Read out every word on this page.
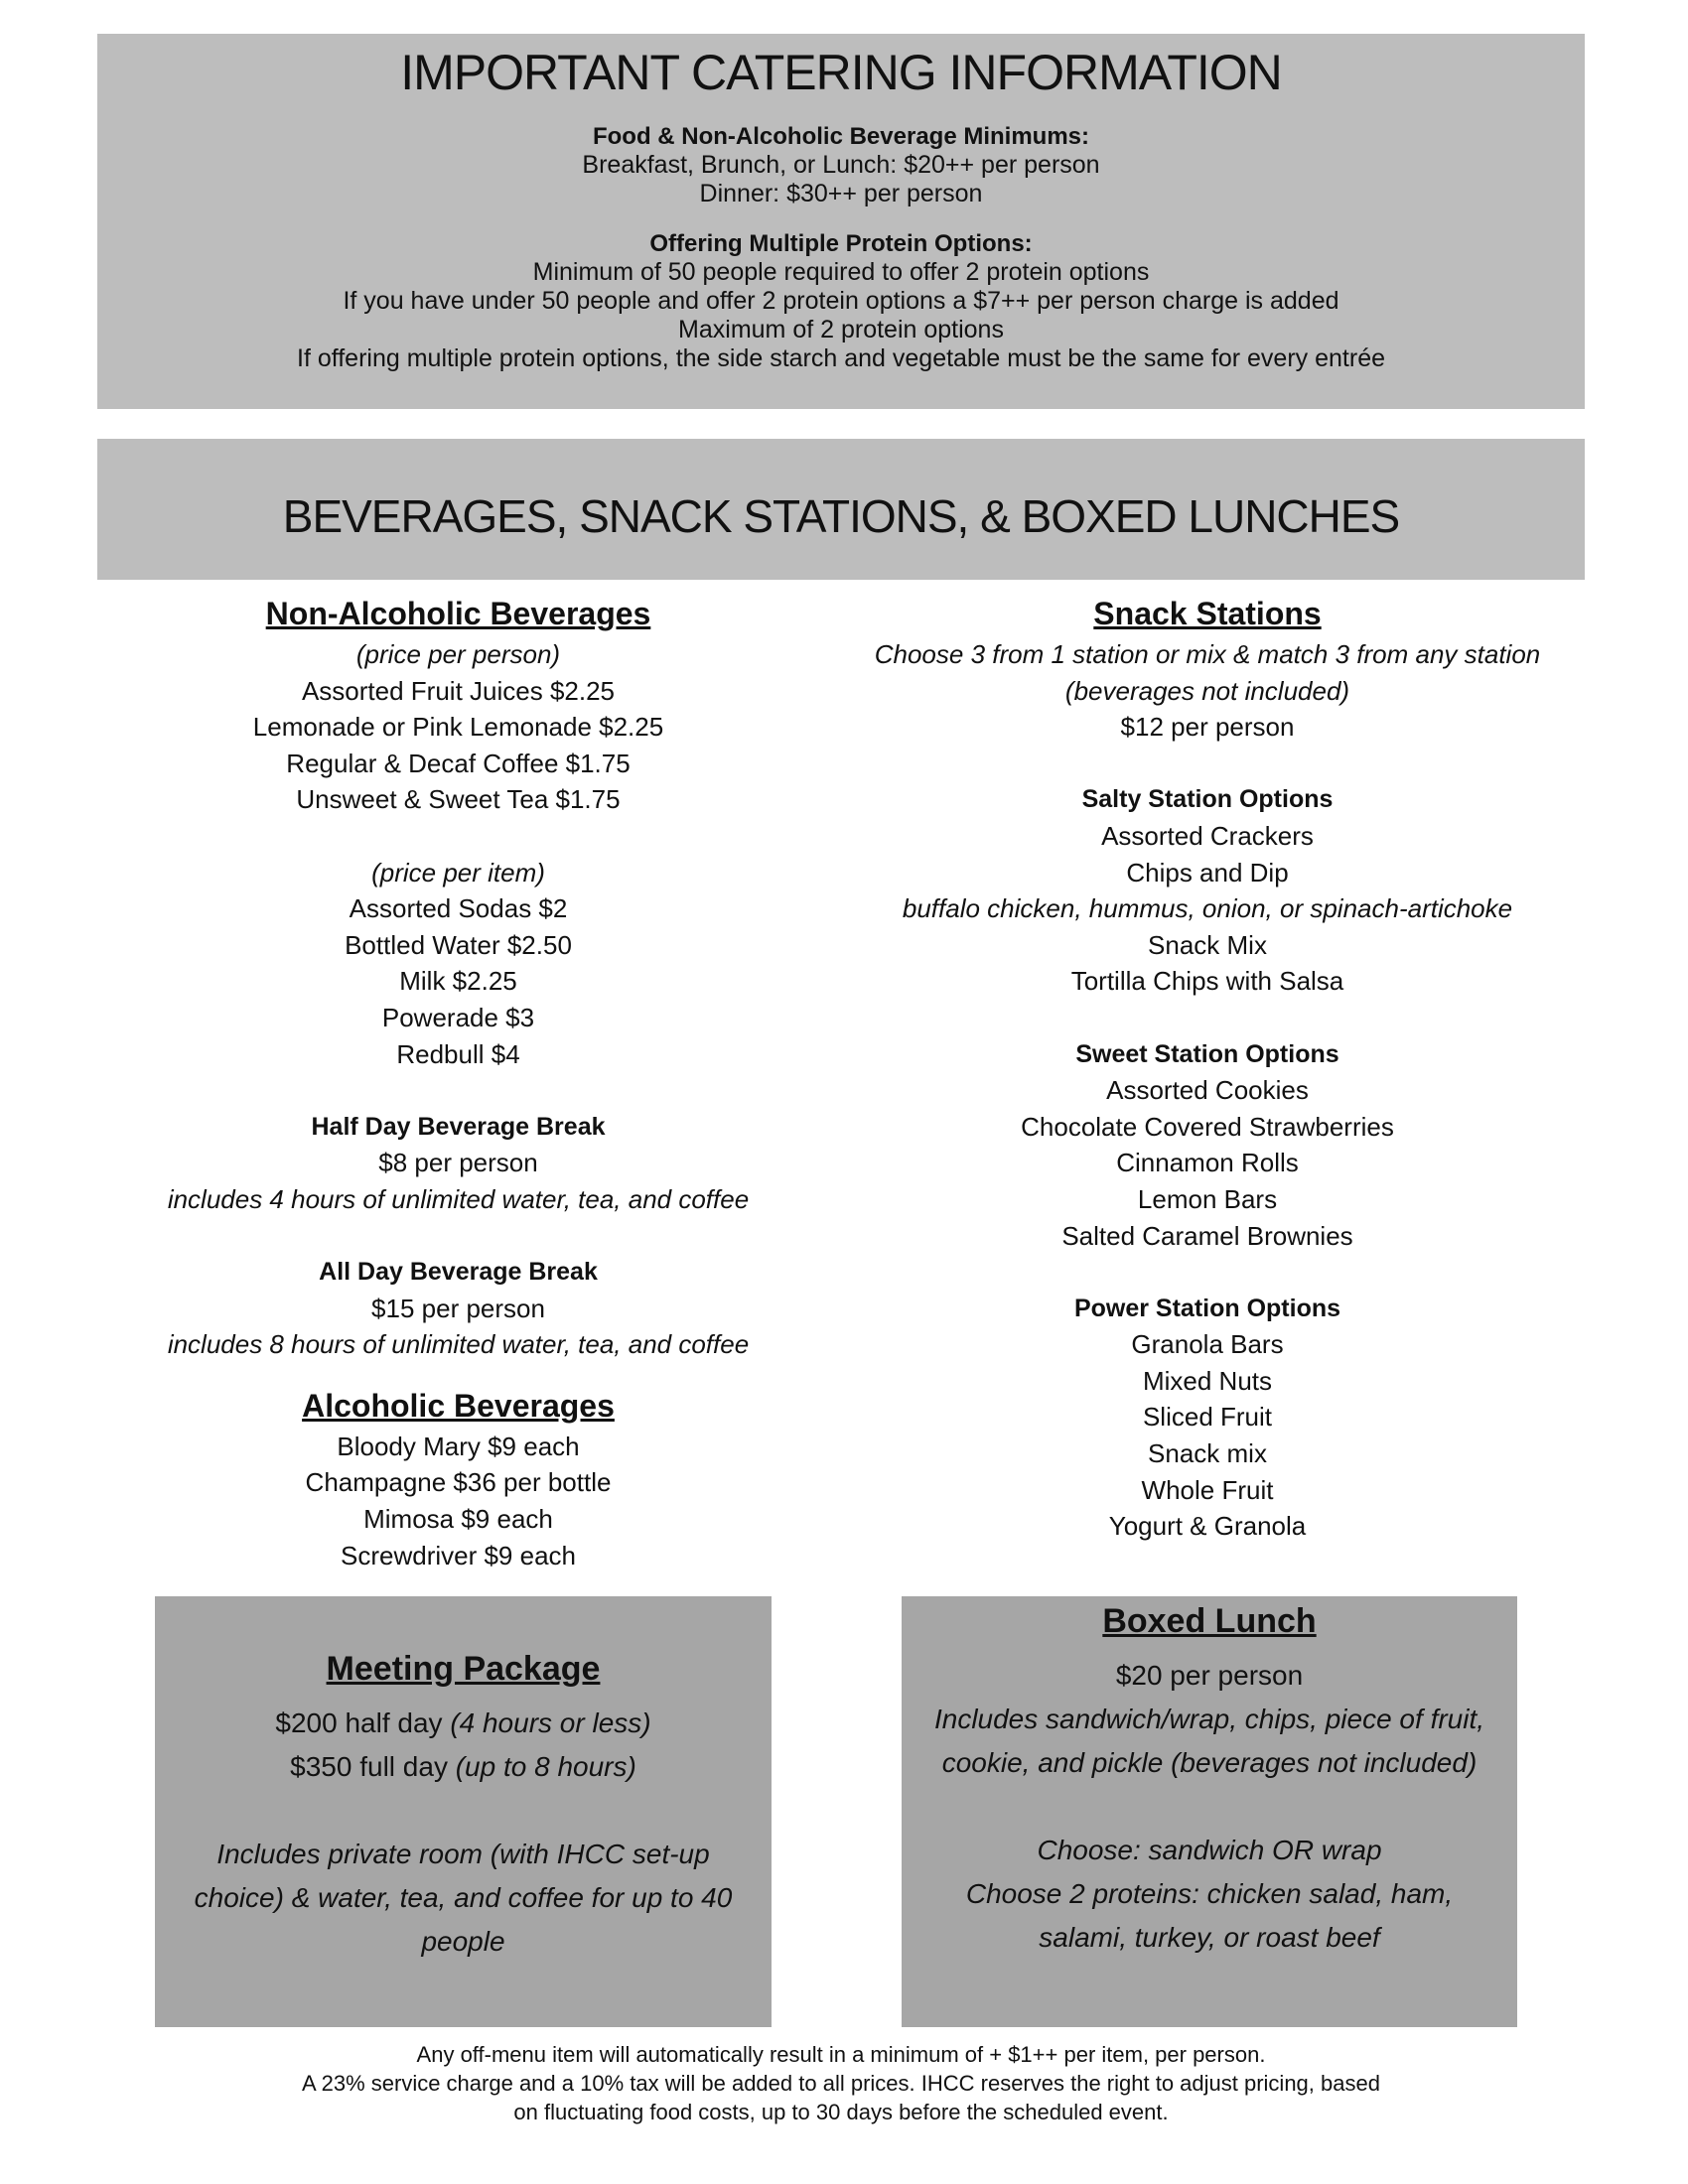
IMPORTANT CATERING INFORMATION
Food & Non-Alcoholic Beverage Minimums:
Breakfast, Brunch, or Lunch: $20++ per person
Dinner: $30++ per person
Offering Multiple Protein Options:
Minimum of 50 people required to offer 2 protein options
If you have under 50 people and offer 2 protein options a $7++ per person charge is added
Maximum of 2 protein options
If offering multiple protein options, the side starch and vegetable must be the same for every entrée
BEVERAGES, SNACK STATIONS, & BOXED LUNCHES
Non-Alcoholic Beverages
(price per person)
Assorted Fruit Juices $2.25
Lemonade or Pink Lemonade $2.25
Regular & Decaf Coffee $1.75
Unsweet & Sweet Tea $1.75
(price per item)
Assorted Sodas $2
Bottled Water $2.50
Milk $2.25
Powerade $3
Redbull $4
Half Day Beverage Break
$8 per person
includes 4 hours of unlimited water, tea, and coffee
All Day Beverage Break
$15 per person
includes 8 hours of unlimited water, tea, and coffee
Alcoholic Beverages
Bloody Mary $9 each
Champagne $36 per bottle
Mimosa $9 each
Screwdriver $9 each
Snack Stations
Choose 3 from 1 station or mix & match 3 from any station
(beverages not included)
$12 per person
Salty Station Options
Assorted Crackers
Chips and Dip
buffalo chicken, hummus, onion, or spinach-artichoke
Snack Mix
Tortilla Chips with Salsa
Sweet Station Options
Assorted Cookies
Chocolate Covered Strawberries
Cinnamon Rolls
Lemon Bars
Salted Caramel Brownies
Power Station Options
Granola Bars
Mixed Nuts
Sliced Fruit
Snack mix
Whole Fruit
Yogurt & Granola
Meeting Package
$200 half day (4 hours or less)
$350 full day (up to 8 hours)
Includes private room (with IHCC set-up choice) & water, tea, and coffee for up to 40 people
Boxed Lunch
$20 per person
Includes sandwich/wrap, chips, piece of fruit, cookie, and pickle (beverages not included)
Choose: sandwich OR wrap
Choose 2 proteins: chicken salad, ham, salami, turkey, or roast beef
Any off-menu item will automatically result in a minimum of + $1++ per item, per person.
A 23% service charge and a 10% tax will be added to all prices. IHCC reserves the right to adjust pricing, based
on fluctuating food costs, up to 30 days before the scheduled event.
